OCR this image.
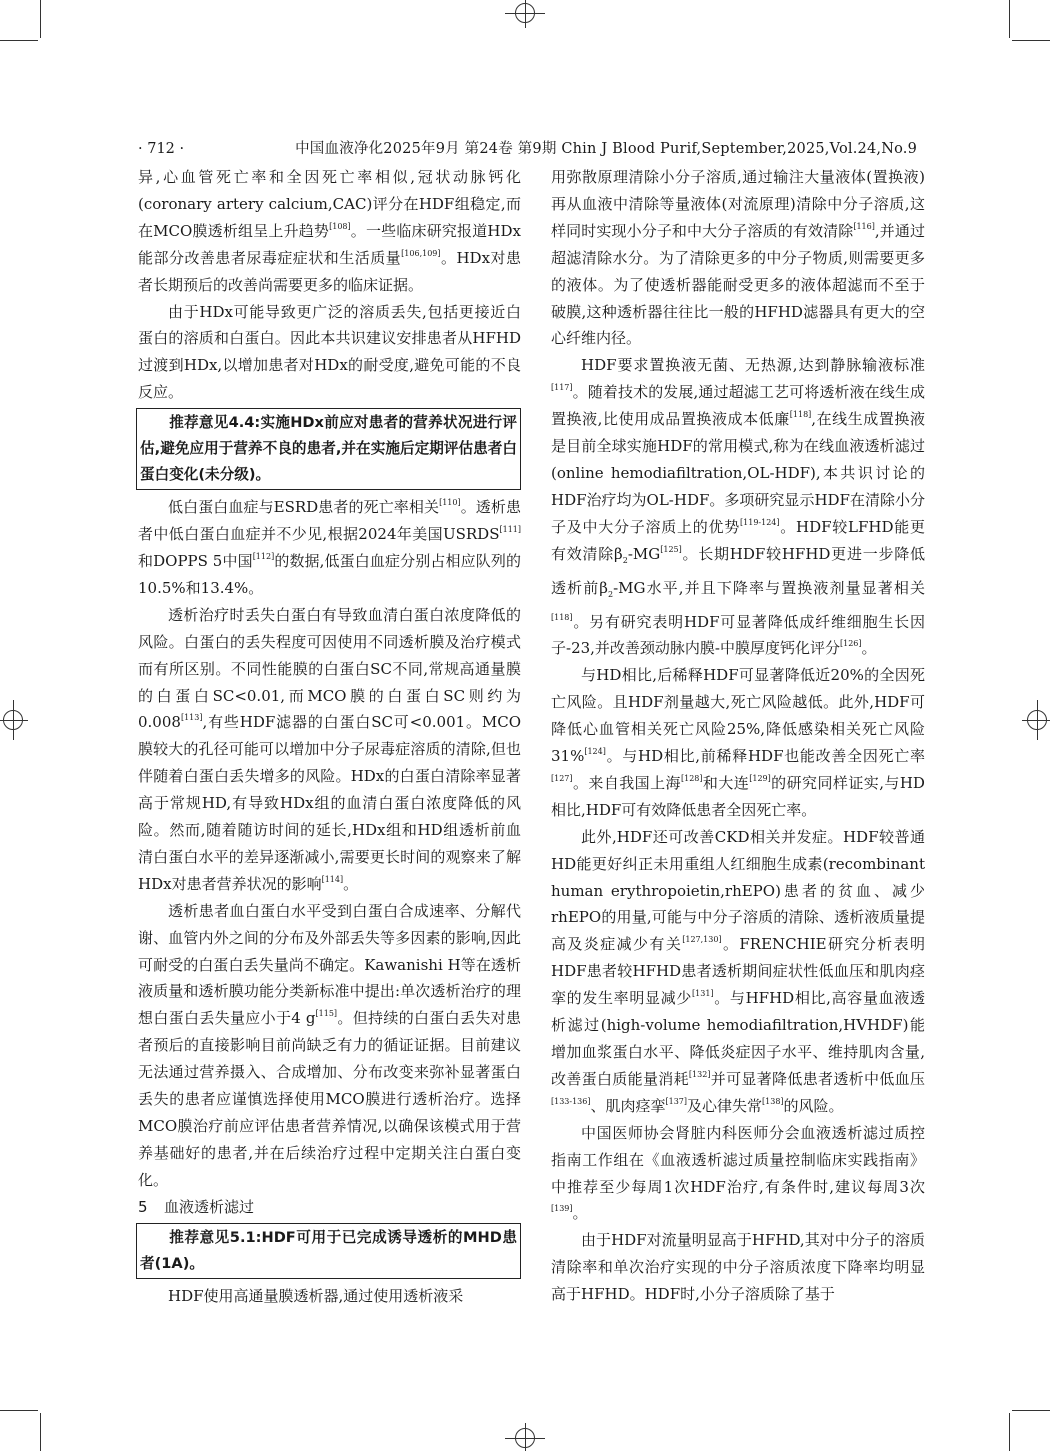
· 712 ·	中国血液净化2025年9月 第24卷 第9期 Chin J Blood Purif,September,2025,Vol.24,No.9

异,心血管死亡率和全因死亡率相似,冠状动脉钙化(coronary artery calcium,CAC)评分在HDF组稳定,而在MCO膜透析组呈上升趋势[108]。一些临床研究报道HDx能部分改善患者尿毒症症状和生活质量[106,109]。HDx对患者长期预后的改善尚需要更多的临床证据。

由于HDx可能导致更广泛的溶质丢失,包括更接近白蛋白的溶质和白蛋白。因此本共识建议安排患者从HFHD过渡到HDx,以增加患者对HDx的耐受度,避免可能的不良反应。

推荐意见4.4:实施HDx前应对患者的营养状况进行评估,避免应用于营养不良的患者,并在实施后定期评估患者白蛋白变化(未分级)。

低白蛋白血症与ESRD患者的死亡率相关[110]。透析患者中低白蛋白血症并不少见,根据2024年美国USRDS[111]和DOPPS 5中国[112]的数据,低蛋白血症分别占相应队列的10.5%和13.4%。

透析治疗时丢失白蛋白有导致血清白蛋白浓度降低的风险。白蛋白的丢失程度可因使用不同透析膜及治疗模式而有所区别。不同性能膜的白蛋白SC不同,常规高通量膜的白蛋白SC<0.01,而MCO膜的白蛋白SC则约为0.008[113],有些HDF滤器的白蛋白SC可<0.001。MCO膜较大的孔径可能可以增加中分子尿毒症溶质的清除,但也伴随着白蛋白丢失增多的风险。HDx的白蛋白清除率显著高于常规HD,有导致HDx组的血清白蛋白浓度降低的风险。然而,随着随访时间的延长,HDx组和HD组透析前血清白蛋白水平的差异逐渐减小,需要更长时间的观察来了解HDx对患者营养状况的影响[114]。

透析患者血白蛋白水平受到白蛋白合成速率、分解代谢、血管内外之间的分布及外部丢失等多因素的影响,因此可耐受的白蛋白丢失量尚不确定。Kawanishi H等在透析液质量和透析膜功能分类新标准中提出:单次透析治疗的理想白蛋白丢失量应小于4 g[115]。但持续的白蛋白丢失对患者预后的直接影响目前尚缺乏有力的循证证据。目前建议无法通过营养摄入、合成增加、分布改变来弥补显著蛋白丢失的患者应谨慎选择使用MCO膜进行透析治疗。选择MCO膜治疗前应评估患者营养情况,以确保该模式用于营养基础好的患者,并在后续治疗过程中定期关注白蛋白变化。

5 血液透析滤过

推荐意见5.1:HDF可用于已完成诱导透析的MHD患者(1A)。

HDF使用高通量膜透析器,通过使用透析液采

用弥散原理清除小分子溶质,通过输注大量液体(置换液)再从血液中清除等量液体(对流原理)清除中分子溶质,这样同时实现小分子和中大分子溶质的有效清除[116],并通过超滤清除水分。为了清除更多的中分子物质,则需要更多的液体。为了使透析器能耐受更多的液体超滤而不至于破膜,这种透析器往往比一般的HFHD滤器具有更大的空心纤维内径。

HDF要求置换液无菌、无热源,达到静脉输液标准[117]。随着技术的发展,通过超滤工艺可将透析液在线生成置换液,比使用成品置换液成本低廉[118],在线生成置换液是目前全球实施HDF的常用模式,称为在线血液透析滤过(online hemodiafiltration,OL-HDF),本共识讨论的HDF治疗均为OL-HDF。多项研究显示HDF在清除小分子及中大分子溶质上的优势[119-124]。HDF较LFHD能更有效清除$\beta_2-MG[125]$。长期HDF较HFHD更进一步降低透析前$\beta_2-MG$水平,并且下降率与置换液剂量显著相关[118]。另有研究表明HDF可显著降低成纤维细胞生长因子-23,并改善颈动脉内膜-中膜厚度钙化评分[126]。

与HD相比,后稀释HDF可显著降低近20%的全因死亡风险。且HDF剂量越大,死亡风险越低。此外,HDF可降低心血管相关死亡风险25%,降低感染相关死亡风险31%[124]。与HD相比,前稀释HDF也能改善全因死亡率[127]。来自我国上海[128]和大连[129]的研究同样证实,与HD相比,HDF可有效降低患者全因死亡率。

此外,HDF还可改善CKD相关并发症。HDF较普通HD能更好纠正未用重组人红细胞生成素(recombinant human erythropoietin,rhEPO)患者的贫血、减少rhEPO的用量,可能与中分子溶质的清除、透析液质量提高及炎症减少有关[127,130]。FRENCHIE研究分析表明HDF患者较HFHD患者透析期间症状性低血压和肌肉痉挛的发生率明显减少[131]。与HFHD相比,高容量血液透析滤过(high-volume hemodiafiltration,HVHDF)能增加血浆蛋白水平、降低炎症因子水平、维持肌肉含量,改善蛋白质能量消耗[132]并可显著降低患者透析中低血压[133-136]、肌肉痉挛[137]及心律失常[138]的风险。

中国医师协会肾脏内科医师分会血液透析滤过质控指南工作组在《血液透析滤过质量控制临床实践指南》中推荐至少每周1次HDF治疗,有条件时,建议每周3次[139]。

由于HDF对流量明显高于HFHD,其对中分子的溶质清除率和单次治疗实现的中分子溶质浓度下降率均明显高于HFHD。HDF时,小分子溶质除了基于
